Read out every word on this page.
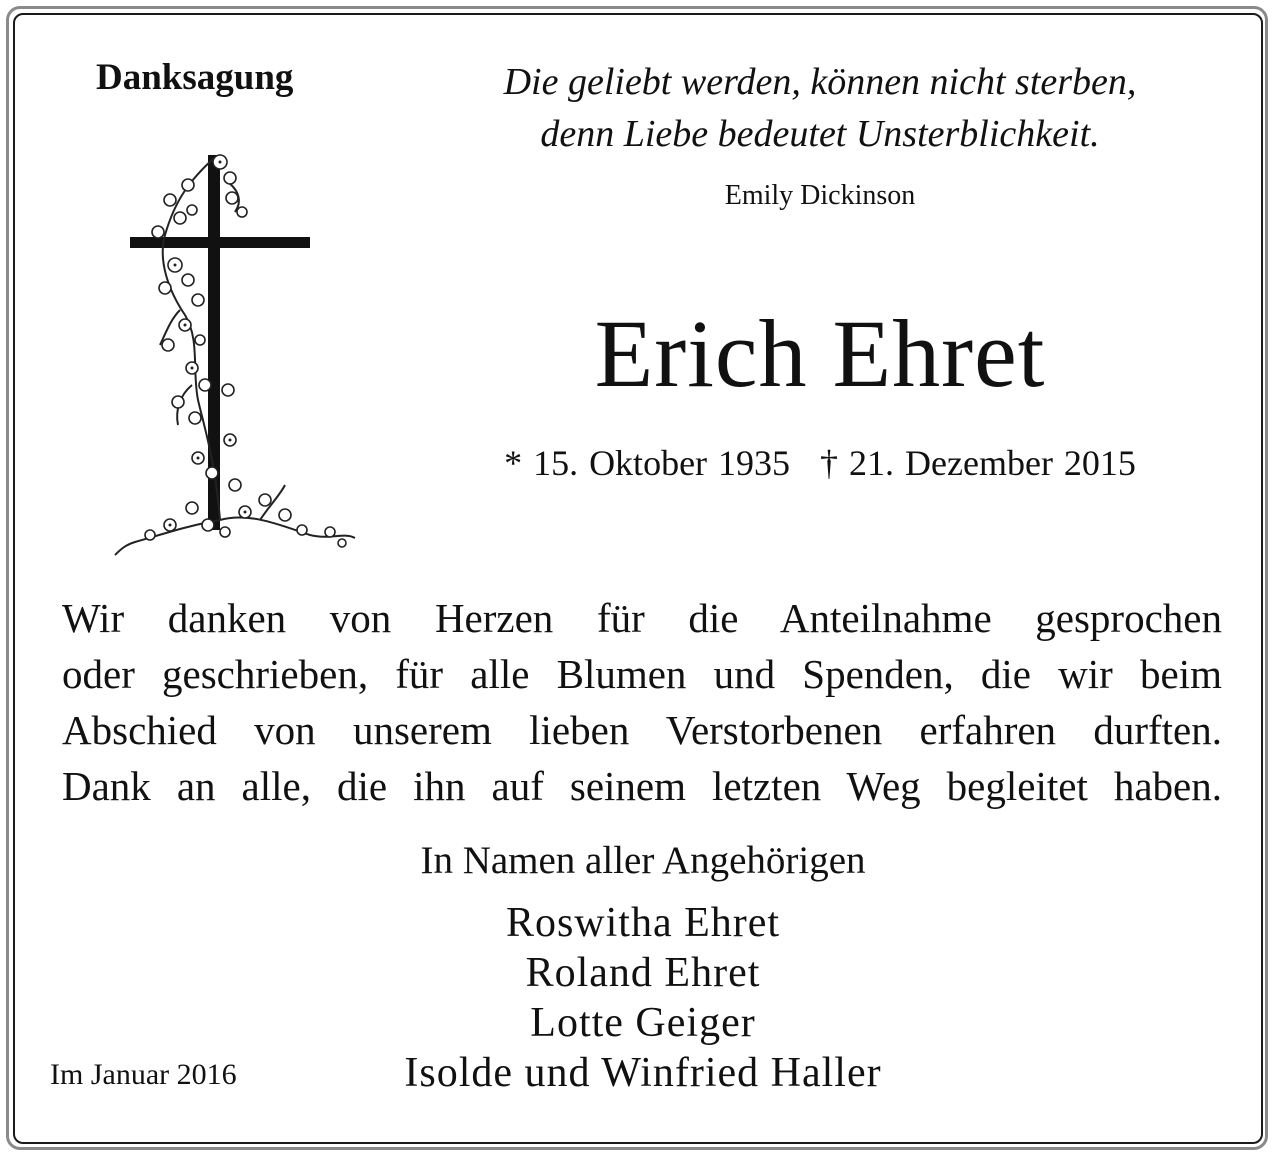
Danksagung	Die geliebt werden, können nicht sterben,

denn Liebe bedeutet Unsterblichkeit.

Emily Dickinson

Erich Ehret

* 15. Oktober 1935 † 21. Dezember 2015

Wir danken von Herzen für die Anteilnahme gesprochen
oder geschrieben, für alle Blumen und Spenden, die wir beim
Abschied von unserem lieben Verstorbenen erfahren durften.
Dank an alle, die ihn auf seinem letzten Weg begleitet haben.

In Namen aller Angehörigen

Roswitha Ehret
Roland Ehret
Lotte Geiger
Isolde und Winfried Haller

Im Januar 2016
